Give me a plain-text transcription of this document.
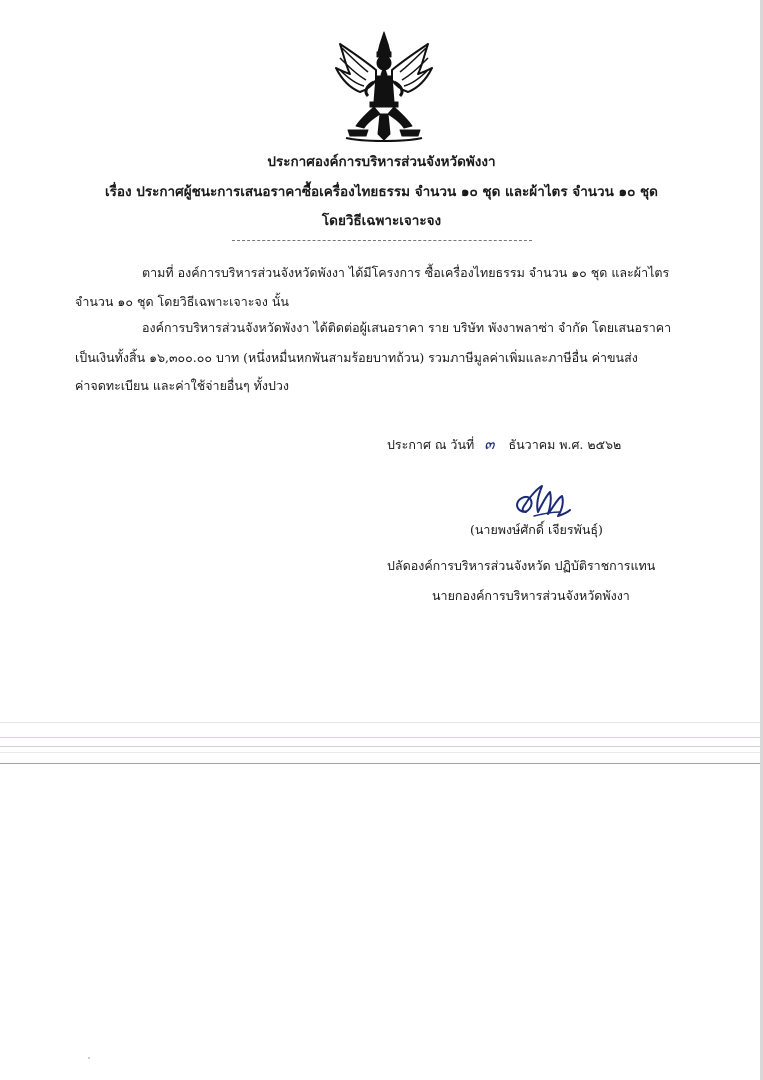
ประกาศองค์การบริหารส่วนจังหวัดพังงา
เรื่อง ประกาศผู้ชนะการเสนอราคาซื้อเครื่องไทยธรรม จำนวน ๑๐ ชุด และผ้าไตร จำนวน ๑๐ ชุด
โดยวิธีเฉพาะเจาะจง
ตามที่ องค์การบริหารส่วนจังหวัดพังงา ได้มีโครงการ ซื้อเครื่องไทยธรรม จำนวน ๑๐ ชุด และผ้าไตร
จำนวน ๑๐ ชุด โดยวิธีเฉพาะเจาะจง นั้น
องค์การบริหารส่วนจังหวัดพังงา ได้ติดต่อผู้เสนอราคา ราย บริษัท พังงาพลาซ่า จำกัด โดยเสนอราคา
เป็นเงินทั้งสิ้น ๑๖,๓๐๐.๐๐ บาท (หนึ่งหมื่นหกพันสามร้อยบาทถ้วน) รวมภาษีมูลค่าเพิ่มและภาษีอื่น ค่าขนส่ง
ค่าจดทะเบียน และค่าใช้จ่ายอื่นๆ ทั้งปวง
ประกาศ ณ วันที่ ๓ ธันวาคม พ.ศ. ๒๕๖๒
(นายพงษ์ศักดิ์ เจียรพันธุ์)
ปลัดองค์การบริหารส่วนจังหวัด ปฏิบัติราชการแทน
นายกองค์การบริหารส่วนจังหวัดพังงา
